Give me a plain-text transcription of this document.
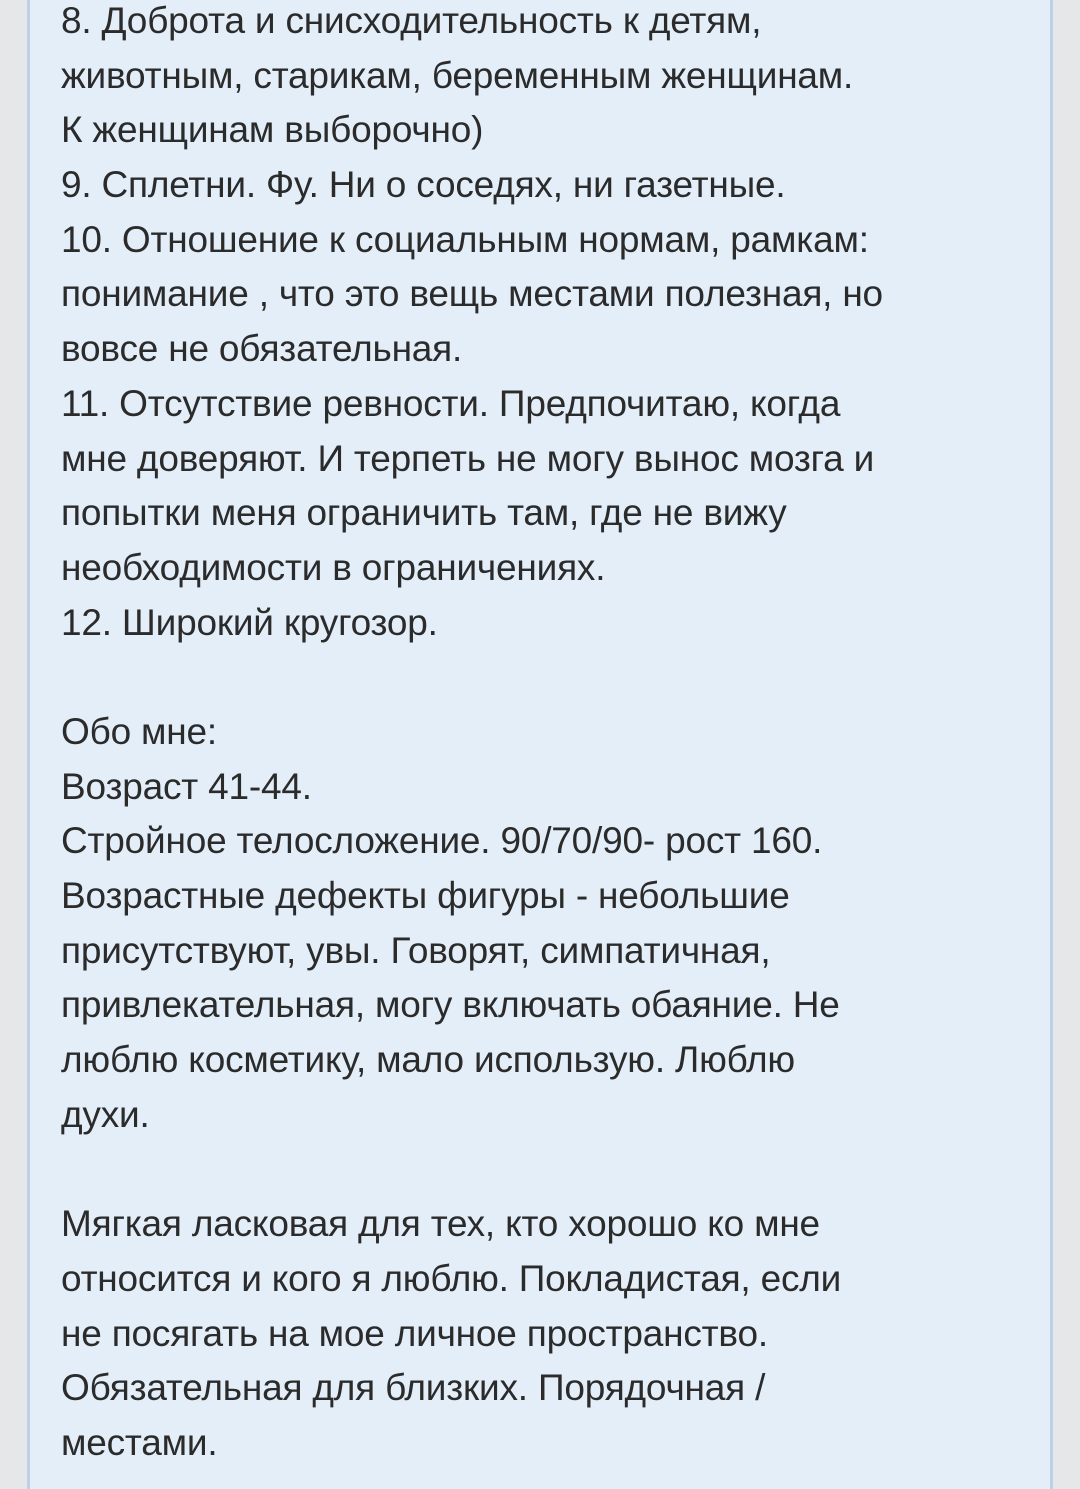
8. Доброта и снисходительность к детям,
животным, старикам, беременным женщинам.
К женщинам выборочно)
9. Сплетни. Фу. Ни о соседях, ни газетные.
10. Отношение к социальным нормам, рамкам:
понимание , что это вещь местами полезная, но
вовсе не обязательная.
11. Отсутствие ревности. Предпочитаю, когда
мне доверяют. И терпеть не могу вынос мозга и
попытки меня ограничить там, где не вижу
необходимости в ограничениях.
12. Широкий кругозор.
Обо мне:
Возраст 41-44.
Стройное телосложение. 90/70/90- рост 160.
Возрастные дефекты фигуры - небольшие
присутствуют, увы. Говорят, симпатичная,
привлекательная, могу включать обаяние. Не
люблю косметику, мало использую. Люблю
духи.
Мягкая ласковая для тех, кто хорошо ко мне
относится и кого я люблю. Покладистая, если
не посягать на мое личное пространство.
Обязательная для близких. Порядочная /
местами.
